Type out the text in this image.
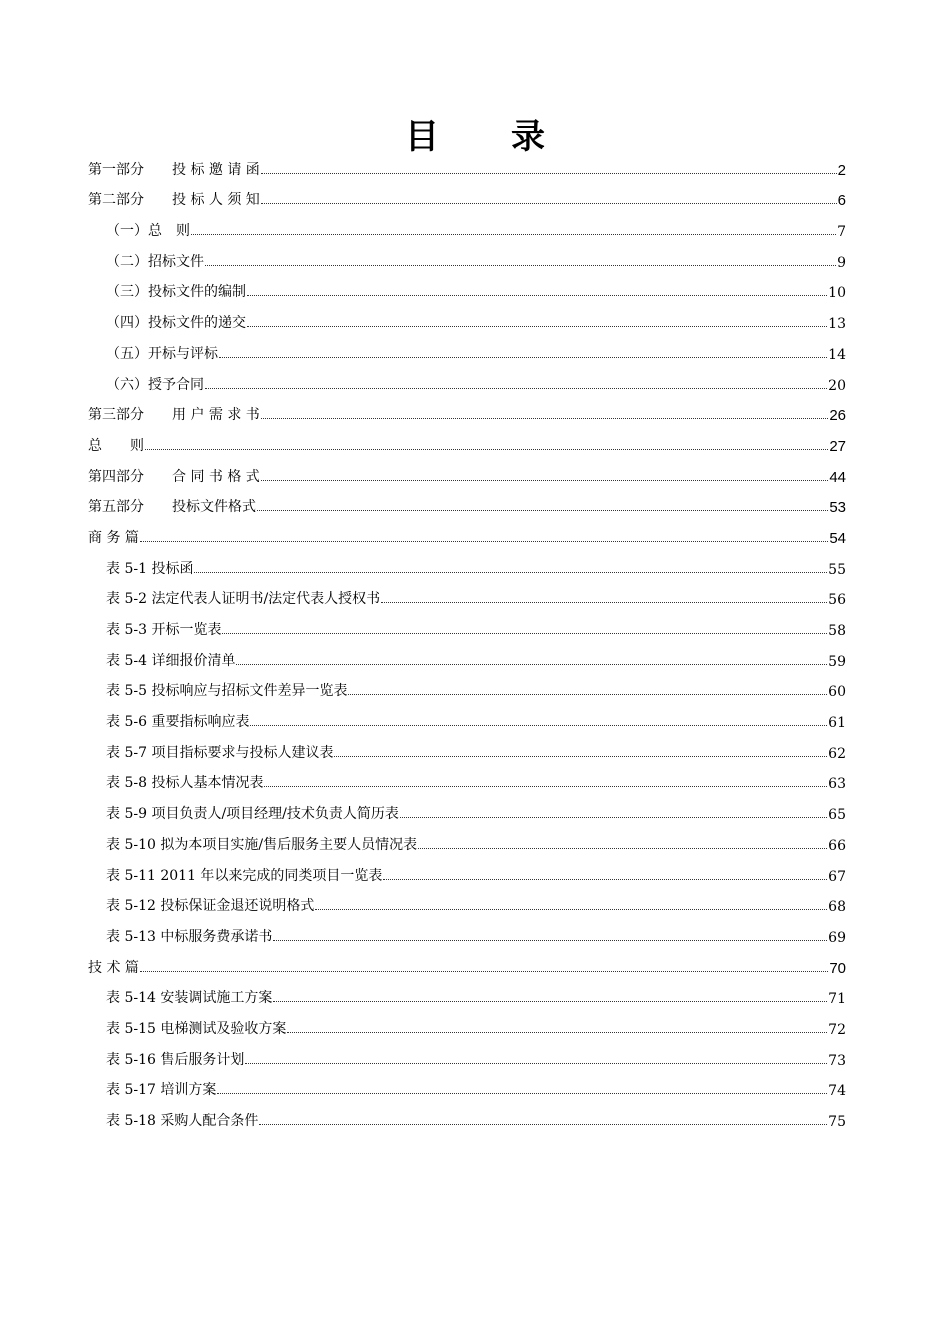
目录
第一部分　　投 标 邀 请 函	2
第二部分　　投 标 人 须 知	6
（一）总　则	7
（二）招标文件	9
（三）投标文件的编制	10
（四）投标文件的递交	13
（五）开标与评标	14
（六）授予合同	20
第三部分　　用 户 需 求 书	26
总　　则	27
第四部分　　合 同 书 格 式	44
第五部分　　投标文件格式	53
商 务 篇	54
表 5-1 投标函	55
表 5-2 法定代表人证明书/法定代表人授权书	56
表 5-3 开标一览表	58
表 5-4 详细报价清单	59
表 5-5 投标响应与招标文件差异一览表	60
表 5-6 重要指标响应表	61
表 5-7 项目指标要求与投标人建议表	62
表 5-8 投标人基本情况表	63
表 5-9 项目负责人/项目经理/技术负责人简历表	65
表 5-10 拟为本项目实施/售后服务主要人员情况表	66
表 5-11 2011 年以来完成的同类项目一览表	67
表 5-12 投标保证金退还说明格式	68
表 5-13 中标服务费承诺书	69
技 术 篇	70
表 5-14 安装调试施工方案	71
表 5-15 电梯测试及验收方案	72
表 5-16 售后服务计划	73
表 5-17 培训方案	74
表 5-18 采购人配合条件	75
